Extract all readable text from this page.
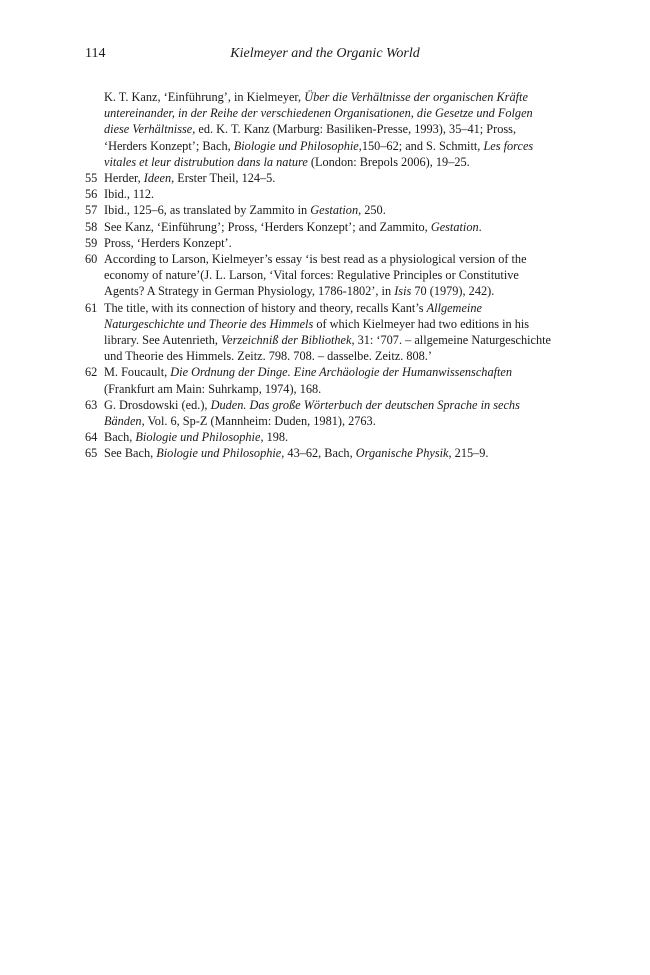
114	Kielmeyer and the Organic World
K. T. Kanz, ‘Einführung’, in Kielmeyer, Über die Verhältnisse der organischen Kräfte untereinander, in der Reihe der verschiedenen Organisationen, die Gesetze und Folgen diese Verhältnisse, ed. K. T. Kanz (Marburg: Basiliken-Presse, 1993), 35–41; Pross, ‘Herders Konzept’; Bach, Biologie und Philosophie,150–62; and S. Schmitt, Les forces vitales et leur distrubution dans la nature (London: Brepols 2006), 19–25.
55 Herder, Ideen, Erster Theil, 124–5.
56 Ibid., 112.
57 Ibid., 125–6, as translated by Zammito in Gestation, 250.
58 See Kanz, ‘Einführung’; Pross, ‘Herders Konzept’; and Zammito, Gestation.
59 Pross, ‘Herders Konzept’.
60 According to Larson, Kielmeyer’s essay ‘is best read as a physiological version of the economy of nature’(J. L. Larson, ‘Vital forces: Regulative Principles or Constitutive Agents? A Strategy in German Physiology, 1786-1802’, in Isis 70 (1979), 242).
61 The title, with its connection of history and theory, recalls Kant’s Allgemeine Naturgeschichte und Theorie des Himmels of which Kielmeyer had two editions in his library. See Autenrieth, Verzeichniß der Bibliothek, 31: ‘707. – allgemeine Naturgeschichte und Theorie des Himmels. Zeitz. 798. 708. – dasselbe. Zeitz. 808.’
62 M. Foucault, Die Ordnung der Dinge. Eine Archäologie der Humanwissenschaften (Frankfurt am Main: Suhrkamp, 1974), 168.
63 G. Drosdowski (ed.), Duden. Das große Wörterbuch der deutschen Sprache in sechs Bänden, Vol. 6, Sp-Z (Mannheim: Duden, 1981), 2763.
64 Bach, Biologie und Philosophie, 198.
65 See Bach, Biologie und Philosophie, 43–62, Bach, Organische Physik, 215–9.
